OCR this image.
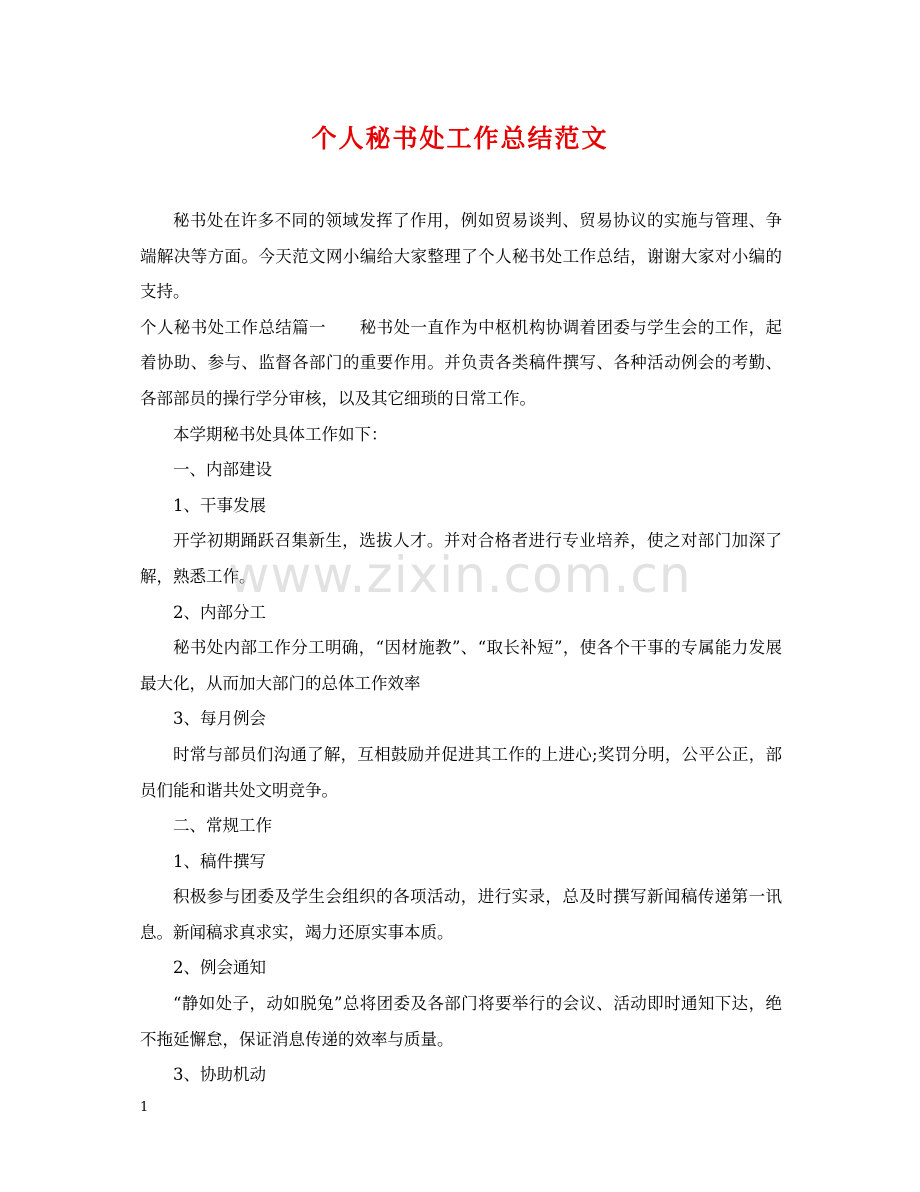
个人秘书处工作总结范文

秘书处在许多不同的领域发挥了作用，例如贸易谈判、贸易协议的实施与管理、争端解决等方面。今天范文网小编给大家整理了个人秘书处工作总结，谢谢大家对小编的支持。

个人秘书处工作总结篇一　　秘书处一直作为中枢机构协调着团委与学生会的工作，起着协助、参与、监督各部门的重要作用。并负责各类稿件撰写、各种活动例会的考勤、各部部员的操行学分审核，以及其它细琐的日常工作。

本学期秘书处具体工作如下：

一、内部建设

1、干事发展

开学初期踊跃召集新生，选拔人才。并对合格者进行专业培养，使之对部门加深了解，熟悉工作。

2、内部分工

秘书处内部工作分工明确，“因材施教”、“取长补短”，使各个干事的专属能力发展最大化，从而加大部门的总体工作效率

3、每月例会

时常与部员们沟通了解，互相鼓励并促进其工作的上进心;奖罚分明，公平公正，部员们能和谐共处文明竞争。

二、常规工作

1、稿件撰写

积极参与团委及学生会组织的各项活动，进行实录，总及时撰写新闻稿传递第一讯息。新闻稿求真求实，竭力还原实事本质。

2、例会通知

“静如处子，动如脱兔”总将团委及各部门将要举行的会议、活动即时通知下达，绝不拖延懈怠，保证消息传递的效率与质量。

3、协助机动

www.zixin.com.cn
1
